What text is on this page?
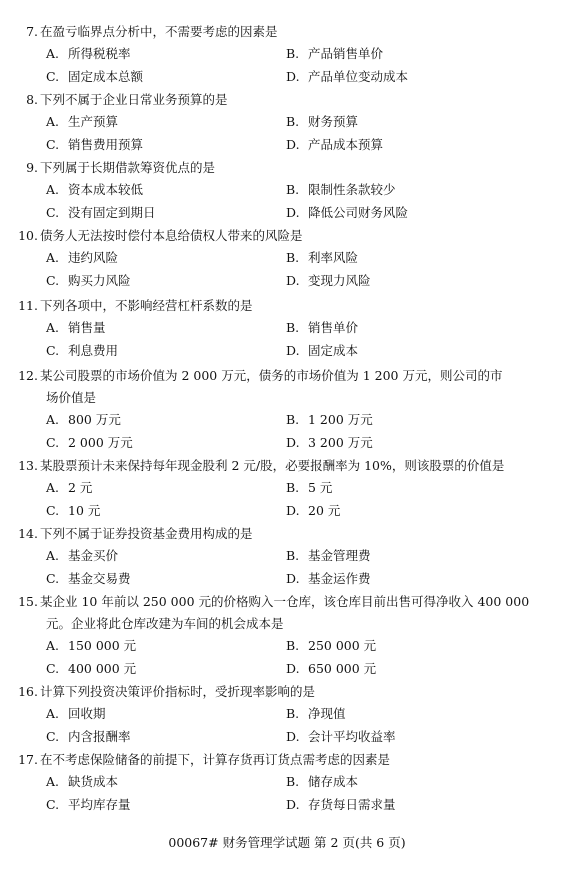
7. 在盈亏临界点分析中，不需要考虑的因素是
A. 所得税税率	B. 产品销售单价
C. 固定成本总额	D. 产品单位变动成本
8. 下列不属于企业日常业务预算的是
A. 生产预算	B. 财务预算
C. 销售费用预算	D. 产品成本预算
9. 下列属于长期借款筹资优点的是
A. 资本成本较低	B. 限制性条款较少
C. 没有固定到期日	D. 降低公司财务风险
10. 债务人无法按时偿付本息给债权人带来的风险是
A. 违约风险	B. 利率风险
C. 购买力风险	D. 变现力风险
11. 下列各项中，不影响经营杠杆系数的是
A. 销售量	B. 销售单价
C. 利息费用	D. 固定成本
12. 某公司股票的市场价值为 2 000 万元，债务的市场价值为 1 200 万元，则公司的市
场价值是
A. 800 万元	B. 1 200 万元
C. 2 000 万元	D. 3 200 万元
13. 某股票预计未来保持每年现金股利 2 元/股，必要报酬率为 10%，则该股票的价值是
A. 2 元	B. 5 元
C. 10 元	D. 20 元
14. 下列不属于证券投资基金费用构成的是
A. 基金买价	B. 基金管理费
C. 基金交易费	D. 基金运作费
15. 某企业 10 年前以 250 000 元的价格购入一仓库，该仓库目前出售可得净收入 400 000
元。企业将此仓库改建为车间的机会成本是
A. 150 000 元	B. 250 000 元
C. 400 000 元	D. 650 000 元
16. 计算下列投资决策评价指标时，受折现率影响的是
A. 回收期	B. 净现值
C. 内含报酬率	D. 会计平均收益率
17. 在不考虑保险储备的前提下，计算存货再订货点需考虑的因素是
A. 缺货成本	B. 储存成本
C. 平均库存量	D. 存货每日需求量
00067# 财务管理学试题 第 2 页(共 6 页)
